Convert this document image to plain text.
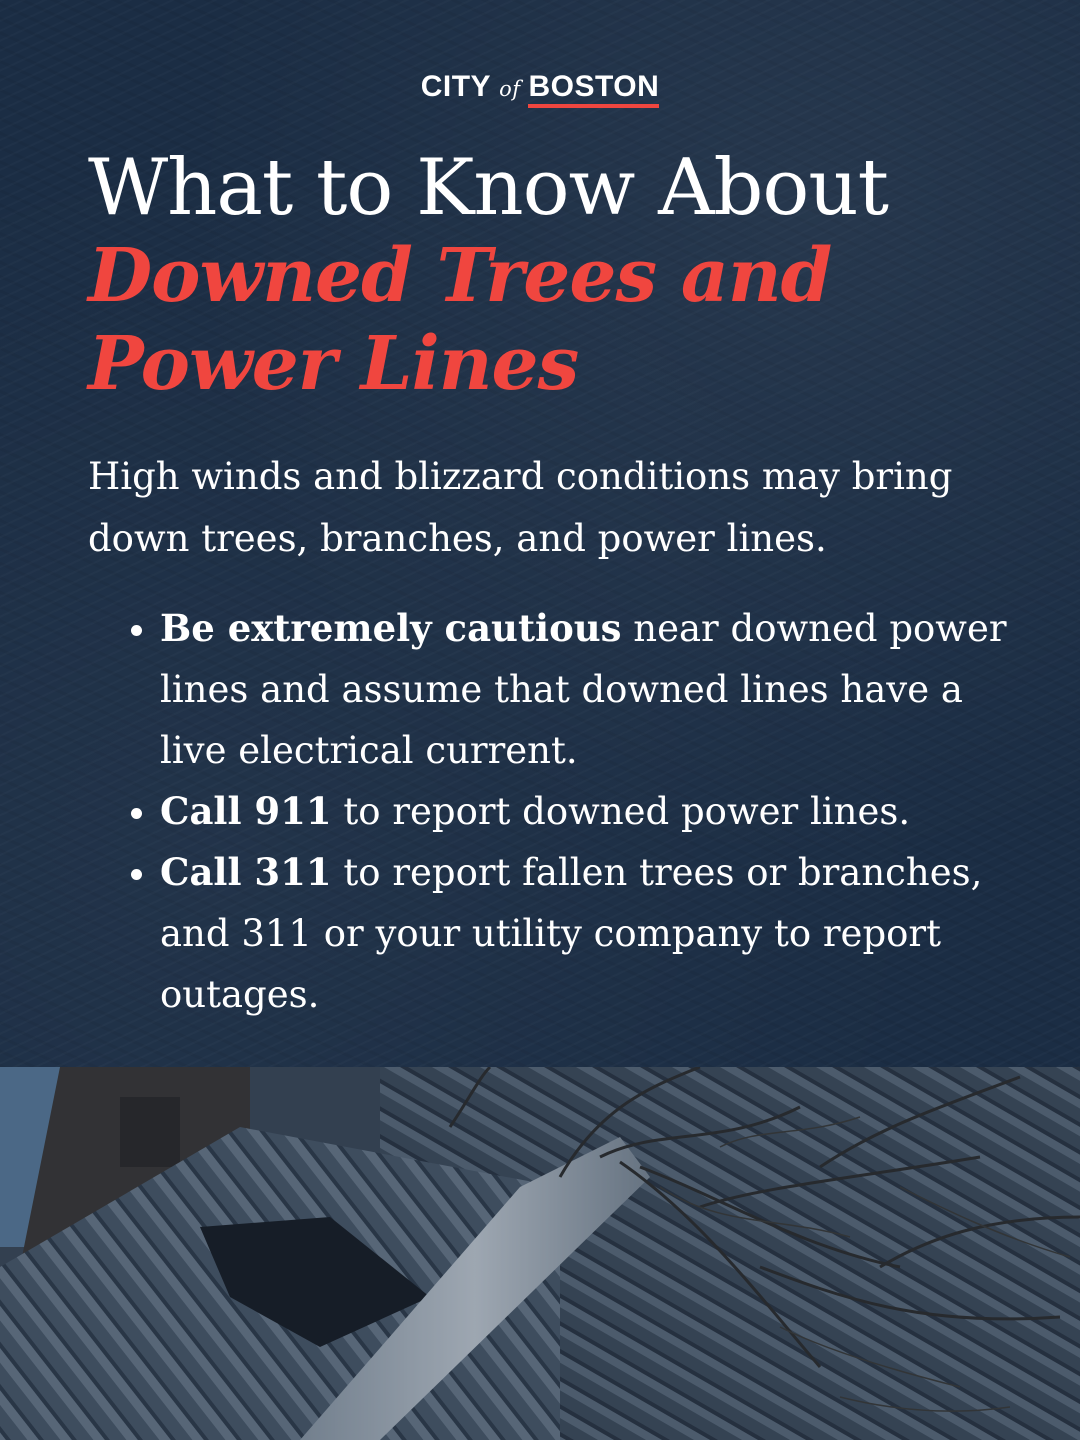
CITY of BOSTON
What to Know About
Downed Trees and
Power Lines

High winds and blizzard conditions may bring down trees, branches, and power lines.

• Be extremely cautious near downed power lines and assume that downed lines have a live electrical current.
• Call 911 to report downed power lines.
• Call 311 to report fallen trees or branches, and 311 or your utility company to report outages.
